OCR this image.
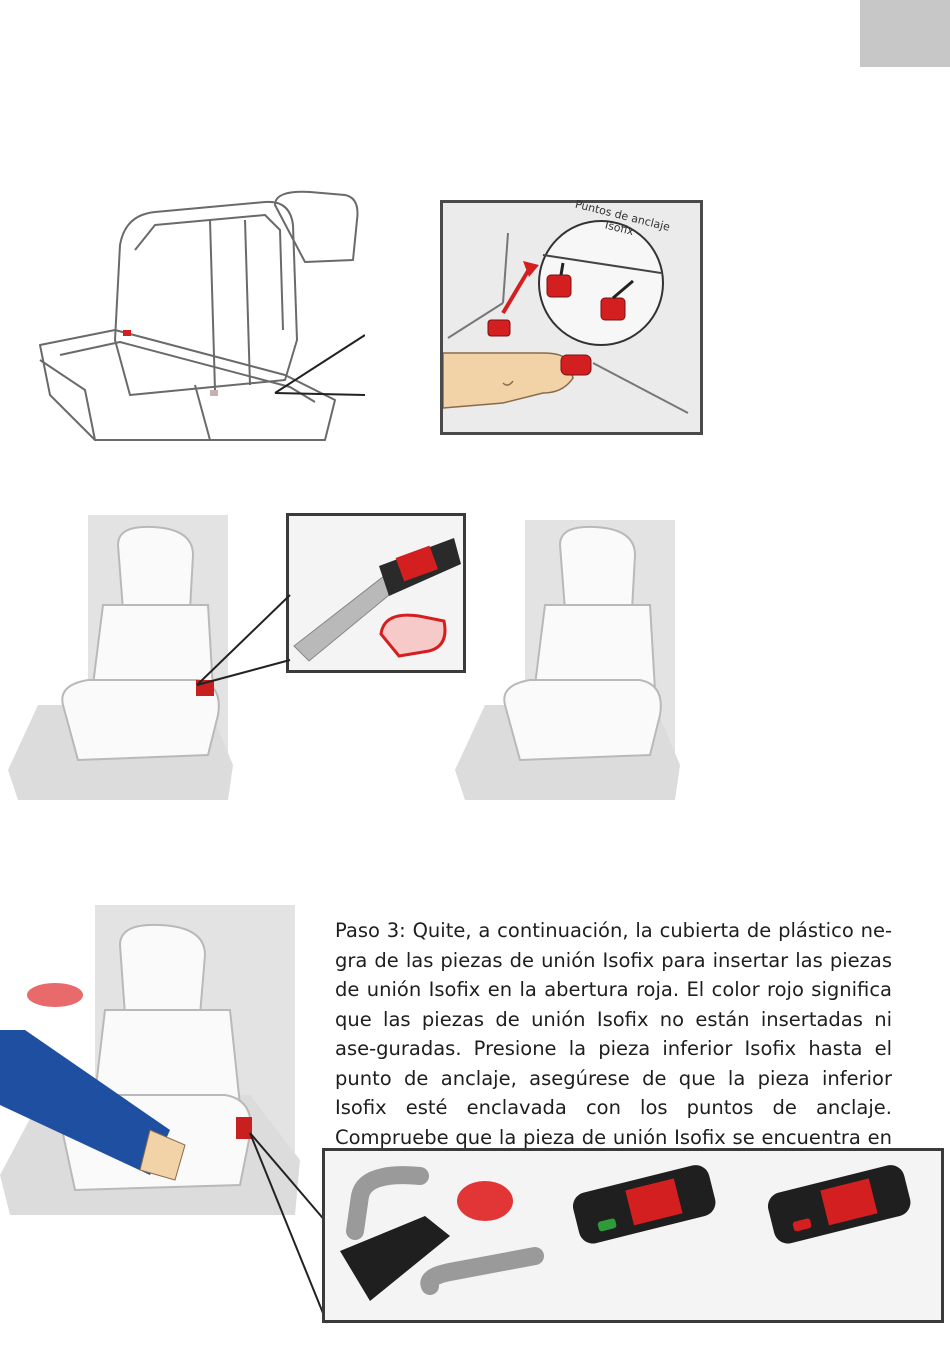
Puntos de anclaje Isofix
Paso 3: Quite, a continuación, la cubierta de plástico ne-gra de las piezas de unión Isofix para insertar las piezas de unión Isofix en la abertura roja. El color rojo significa que las piezas de unión Isofix no están insertadas ni ase-guradas. Presione la pieza inferior Isofix hasta el punto de anclaje, asegúrese de que la pieza inferior Isofix esté enclavada con los puntos de anclaje. Compruebe que la pieza de unión Isofix se encuentra en
